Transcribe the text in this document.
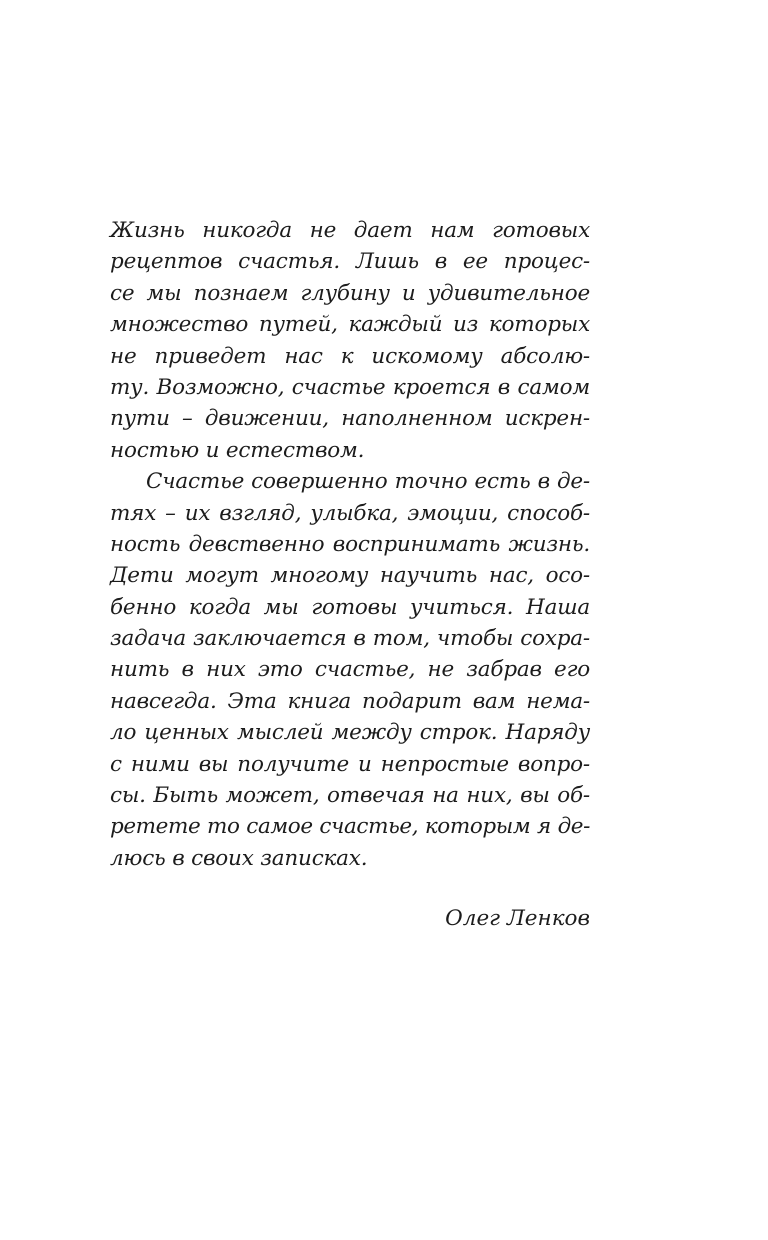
Жизнь никогда не дает нам готовых
рецептов счастья. Лишь в ее процес-
се мы познаем глубину и удивительное
множество путей, каждый из которых
не приведет нас к искомому абсолю-
ту. Возможно, счастье кроется в самом
пути – движении, наполненном искрен-
ностью и естеством.
Счастье совершенно точно есть в де-
тях – их взгляд, улыбка, эмоции, способ-
ность девственно воспринимать жизнь.
Дети могут многому научить нас, осо-
бенно когда мы готовы учиться. Наша
задача заключается в том, чтобы сохра-
нить в них это счастье, не забрав его
навсегда. Эта книга подарит вам нема-
ло ценных мыслей между строк. Наряду
с ними вы получите и непростые вопро-
сы. Быть может, отвечая на них, вы об-
ретете то самое счастье, которым я де-
люсь в своих записках.
Олег Ленков
